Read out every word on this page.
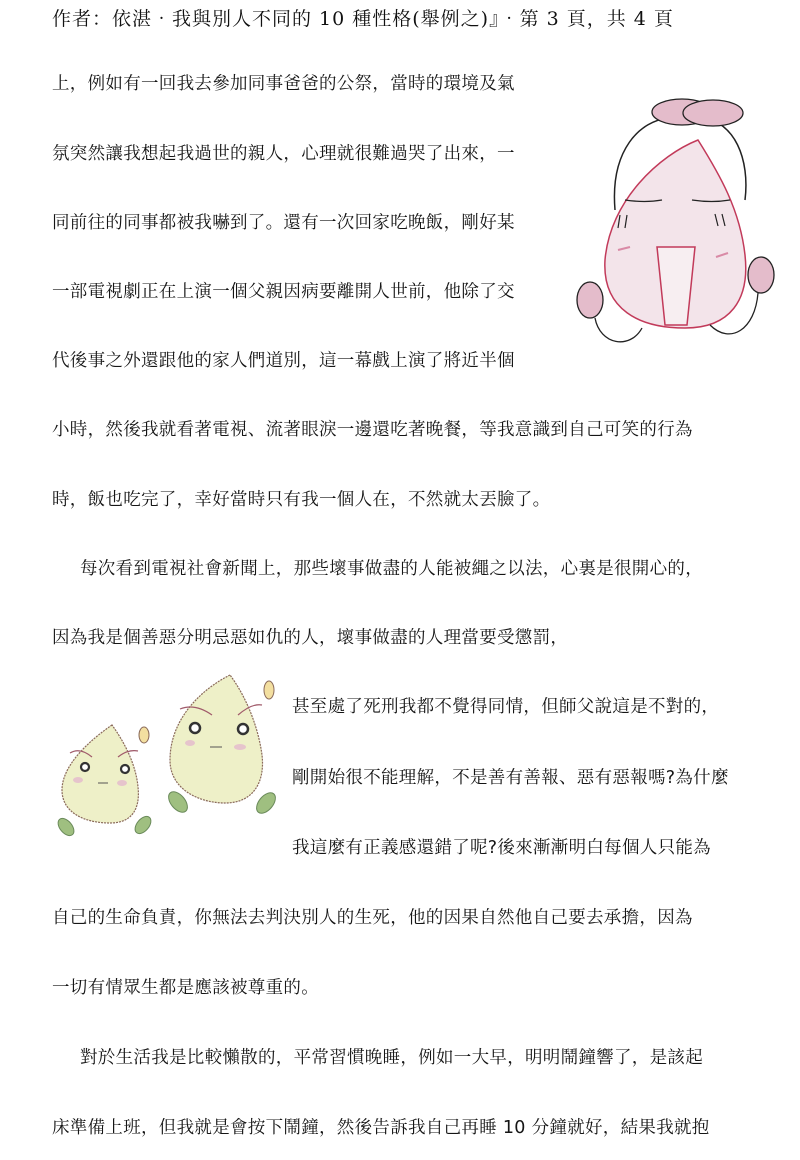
作者：依湛‧我與別人不同的 10 種性格(舉例之)』‧第 3 頁，共 4 頁
上，例如有一回我去參加同事爸爸的公祭，當時的環境及氣
氛突然讓我想起我過世的親人，心理就很難過哭了出來，一
同前往的同事都被我嚇到了。還有一次回家吃晚飯，剛好某
一部電視劇正在上演一個父親因病要離開人世前，他除了交
代後事之外還跟他的家人們道別，這一幕戲上演了將近半個
小時，然後我就看著電視、流著眼淚一邊還吃著晚餐，等我意識到自己可笑的行為
時，飯也吃完了，幸好當時只有我一個人在，不然就太丟臉了。
每次看到電視社會新聞上，那些壞事做盡的人能被繩之以法，心裏是很開心的，
因為我是個善惡分明忌惡如仇的人，壞事做盡的人理當要受懲罰，
甚至處了死刑我都不覺得同情，但師父說這是不對的，
剛開始很不能理解，不是善有善報、惡有惡報嗎?為什麼
我這麼有正義感還錯了呢?後來漸漸明白每個人只能為
自己的生命負責，你無法去判決別人的生死，他的因果自然他自己要去承擔，因為
一切有情眾生都是應該被尊重的。
對於生活我是比較懶散的，平常習慣晚睡，例如一大早，明明鬧鐘響了，是該起
床準備上班，但我就是會按下鬧鐘，然後告訴我自己再睡 10 分鐘就好，結果我就抱
